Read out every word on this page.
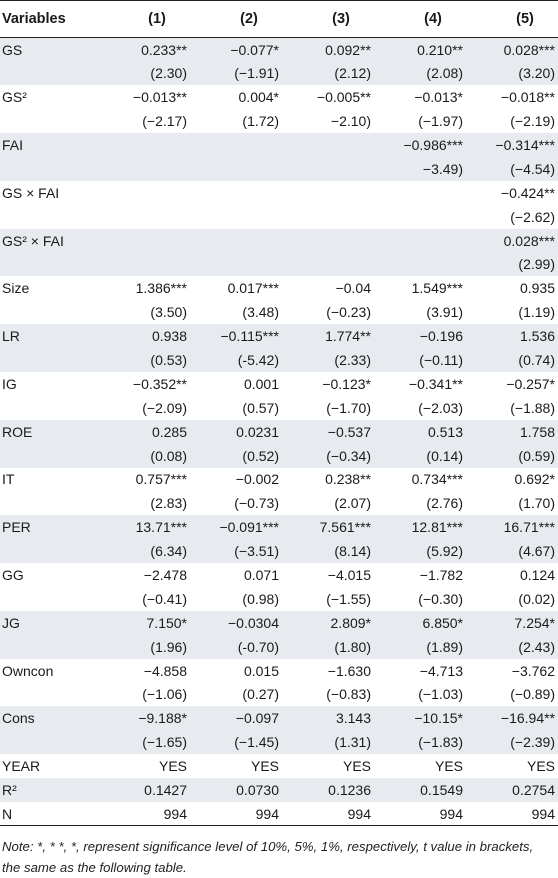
Variables	(1)	(2)	(3)	(4)	(5)
GS	0.233**	−0.077*	0.092**	0.210**	0.028***
	(2.30)	(−1.91)	(2.12)	(2.08)	(3.20)
GS²	−0.013**	0.004*	−0.005**	−0.013*	−0.018**
	(−2.17)	(1.72)	−2.10)	(−1.97)	(−2.19)
FAI				−0.986***	−0.314***
				−3.49)	(−4.54)
GS × FAI					−0.424**
					(−2.62)
GS² × FAI					0.028***
					(2.99)
Size	1.386***	0.017***	−0.04	1.549***	0.935
	(3.50)	(3.48)	(−0.23)	(3.91)	(1.19)
LR	0.938	−0.115***	1.774**	−0.196	1.536
	(0.53)	(-5.42)	(2.33)	(−0.11)	(0.74)
IG	−0.352**	0.001	−0.123*	−0.341**	−0.257*
	(−2.09)	(0.57)	(−1.70)	(−2.03)	(−1.88)
ROE	0.285	0.0231	−0.537	0.513	1.758
	(0.08)	(0.52)	(−0.34)	(0.14)	(0.59)
IT	0.757***	−0.002	0.238**	0.734***	0.692*
	(2.83)	(−0.73)	(2.07)	(2.76)	(1.70)
PER	13.71***	−0.091***	7.561***	12.81***	16.71***
	(6.34)	(−3.51)	(8.14)	(5.92)	(4.67)
GG	−2.478	0.071	−4.015	−1.782	0.124
	(−0.41)	(0.98)	(−1.55)	(−0.30)	(0.02)
JG	7.150*	−0.0304	2.809*	6.850*	7.254*
	(1.96)	(-0.70)	(1.80)	(1.89)	(2.43)
Owncon	−4.858	0.015	−1.630	−4.713	−3.762
	(−1.06)	(0.27)	(−0.83)	(−1.03)	(−0.89)
Cons	−9.188*	−0.097	3.143	−10.15*	−16.94**
	(−1.65)	(−1.45)	(1.31)	(−1.83)	(−2.39)
YEAR	YES	YES	YES	YES	YES
R²	0.1427	0.0730	0.1236	0.1549	0.2754
N	994	994	994	994	994
Note: *, * *, *, represent significance level of 10%, 5%, 1%, respectively, t value in brackets, the same as the following table.
